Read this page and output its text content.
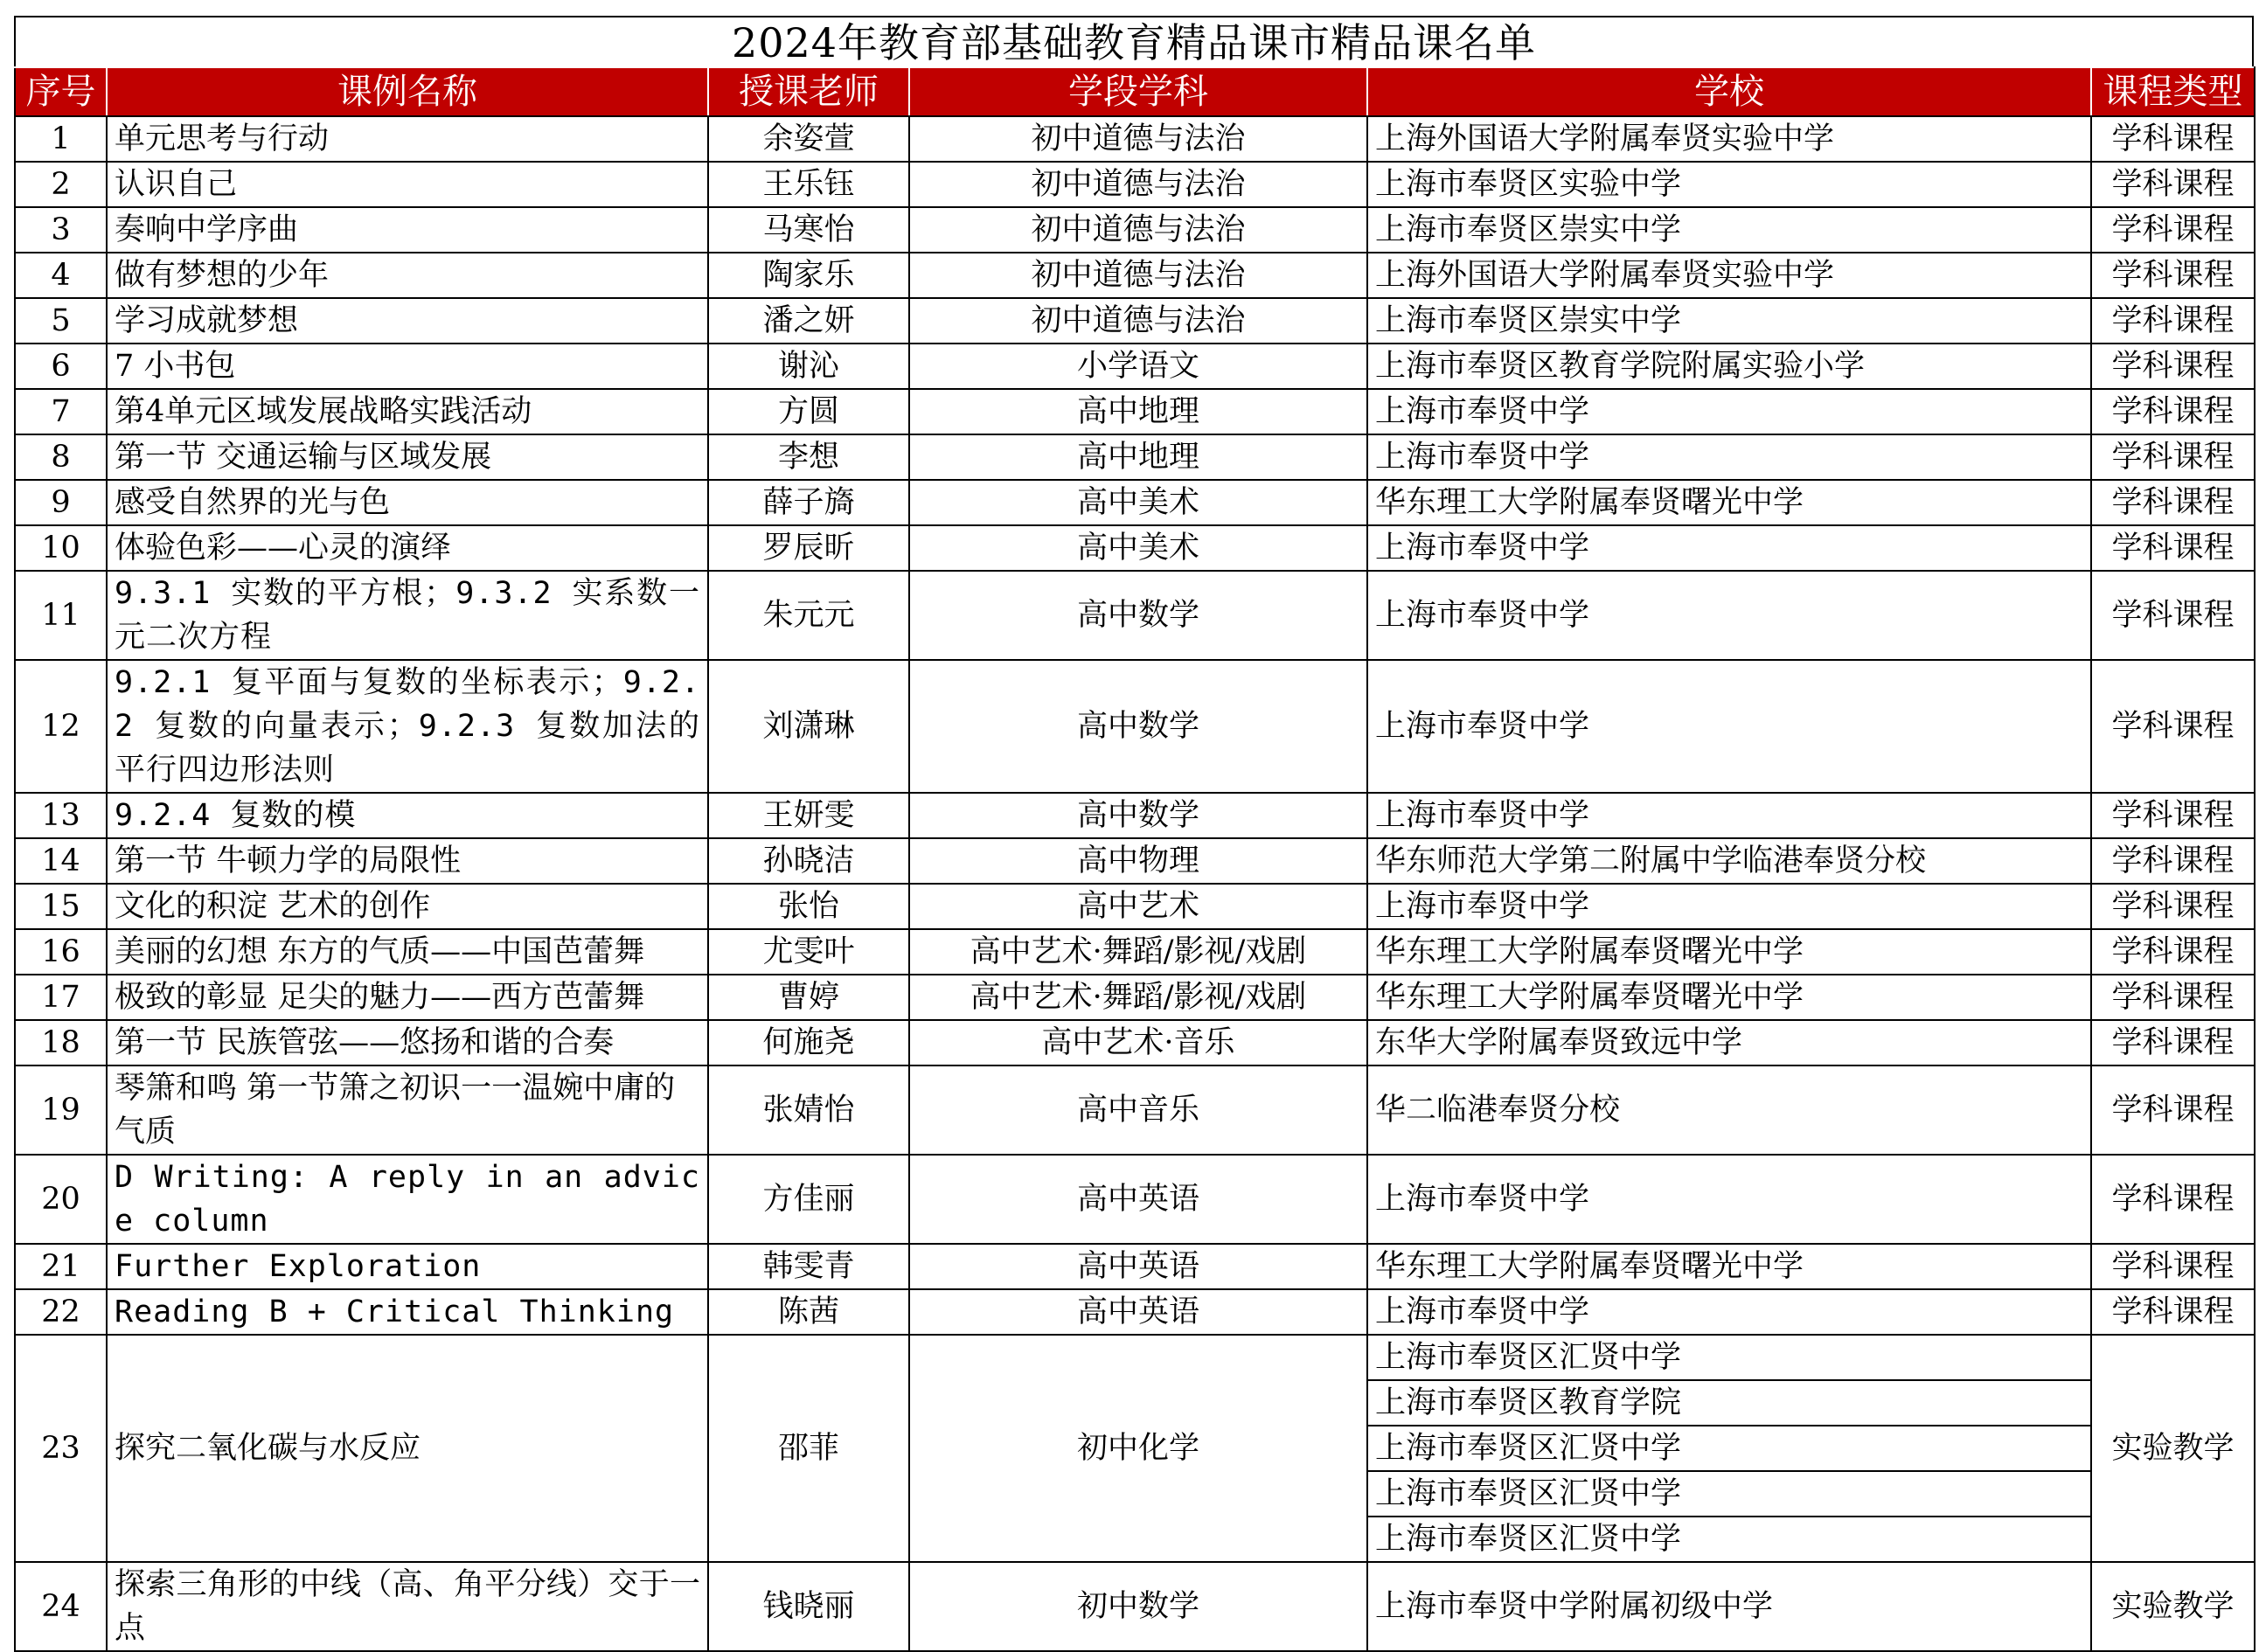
2024年教育部基础教育精品课市精品课名单
序号	课例名称	授课老师	学段学科	学校	课程类型
1	单元思考与行动	余姿萱	初中道德与法治	上海外国语大学附属奉贤实验中学	学科课程
2	认识自己	王乐钰	初中道德与法治	上海市奉贤区实验中学	学科课程
3	奏响中学序曲	马寒怡	初中道德与法治	上海市奉贤区崇实中学	学科课程
4	做有梦想的少年	陶家乐	初中道德与法治	上海外国语大学附属奉贤实验中学	学科课程
5	学习成就梦想	潘之妍	初中道德与法治	上海市奉贤区崇实中学	学科课程
6	7 小书包	谢沁	小学语文	上海市奉贤区教育学院附属实验小学	学科课程
7	第4单元区域发展战略实践活动	方圆	高中地理	上海市奉贤中学	学科课程
8	第一节 交通运输与区域发展	李想	高中地理	上海市奉贤中学	学科课程
9	感受自然界的光与色	薛子旖	高中美术	华东理工大学附属奉贤曙光中学	学科课程
10	体验色彩——心灵的演绎	罗辰昕	高中美术	上海市奉贤中学	学科课程
11	9.3.1 实数的平方根；9.3.2 实系数一元二次方程	朱元元	高中数学	上海市奉贤中学	学科课程
12	9.2.1 复平面与复数的坐标表示；9.2.2 复数的向量表示；9.2.3 复数加法的平行四边形法则	刘潇琳	高中数学	上海市奉贤中学	学科课程
13	9.2.4 复数的模	王妍雯	高中数学	上海市奉贤中学	学科课程
14	第一节 牛顿力学的局限性	孙晓洁	高中物理	华东师范大学第二附属中学临港奉贤分校	学科课程
15	文化的积淀 艺术的创作	张怡	高中艺术	上海市奉贤中学	学科课程
16	美丽的幻想 东方的气质——中国芭蕾舞	尤雯叶	高中艺术·舞蹈/影视/戏剧	华东理工大学附属奉贤曙光中学	学科课程
17	极致的彰显 足尖的魅力——西方芭蕾舞	曹婷	高中艺术·舞蹈/影视/戏剧	华东理工大学附属奉贤曙光中学	学科课程
18	第一节 民族管弦——悠扬和谐的合奏	何施尧	高中艺术·音乐	东华大学附属奉贤致远中学	学科课程
19	琴箫和鸣 第一节箫之初识一一温婉中庸的气质	张婧怡	高中音乐	华二临港奉贤分校	学科课程
20	D Writing: A reply in an advice column	方佳丽	高中英语	上海市奉贤中学	学科课程
21	Further Exploration	韩雯青	高中英语	华东理工大学附属奉贤曙光中学	学科课程
22	Reading B + Critical Thinking	陈茜	高中英语	上海市奉贤中学	学科课程
23	探究二氧化碳与水反应	邵菲	初中化学	上海市奉贤区汇贤中学	实验教学
				上海市奉贤区教育学院	
				上海市奉贤区汇贤中学	
				上海市奉贤区汇贤中学	
				上海市奉贤区汇贤中学	
24	探索三角形的中线（高、角平分线）交于一点	钱晓丽	初中数学	上海市奉贤中学附属初级中学	实验教学
